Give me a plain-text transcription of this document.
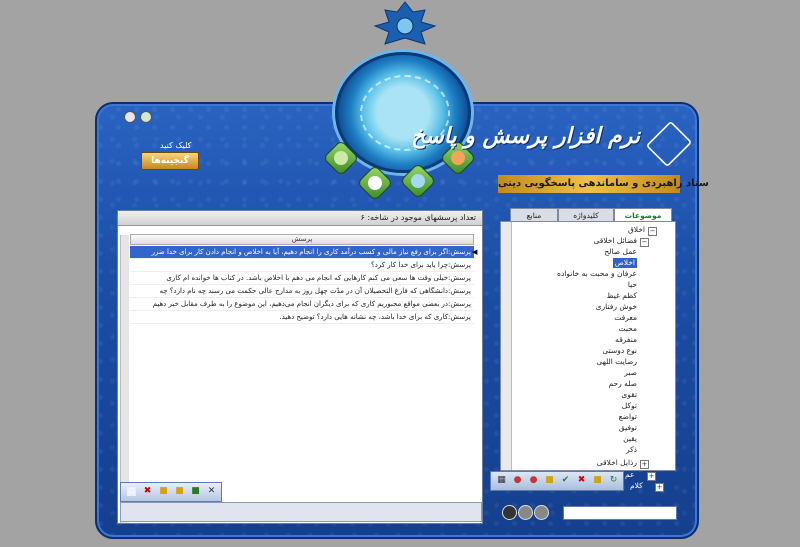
نرم افزار پرسش و پاسخ
ستاد راهبردی و ساماندهی پاسخگویی دینی
کلیک کنید
گنجینه‌ها
تعداد پرسشهای موجود در شاخه: ۶
پرسش
پرسش:اگر برای رفع نیاز مالی و کسب درآمد کاری را انجام دهیم، آیا به اخلاص و انجام دادن کار برای خدا ضرر
پرسش:چرا باید برای خدا کار کرد؟
پرسش:خیلی وقت ها سعی می کنم کارهایی که انجام می دهم با اخلاص باشد. در کتاب ها خوانده ام کاری
پرسش:دانشگاهی که فارغ التحصیلان آن در مدّت چهل روز به مدارج عالی حکمت می رسند چه نام دارد؟ چه
پرسش:در بعضی مواقع مجبوریم کاری که برای دیگران انجام می‌دهیم، این موضوع را به طرف مقابل خبر دهیم
پرسش:کاری که برای خدا باشد، چه نشانه هایی دارد؟ توضیح دهید.
◀
▫ ✖ ■ ■ ■ ✕
موضوعات
کلیدواژه
منابع
−
اخلاق
−
فضائل اخلاقی
عمل صالح
اخلاص
عرفان و محبت به خانواده
حیا
کظم غیظ
خوش رفتاری
معرفت
محبت
منفرقه
نوع دوستی
رضایت اللهی
صبر
صله رحم
تقوی
توکل
تواضع
توفیق
یقین
ذکر
+
رذایل اخلاقی
▦ ● ● ■ ✔ ✖ ■ ↻	+
عم
+
کلام
